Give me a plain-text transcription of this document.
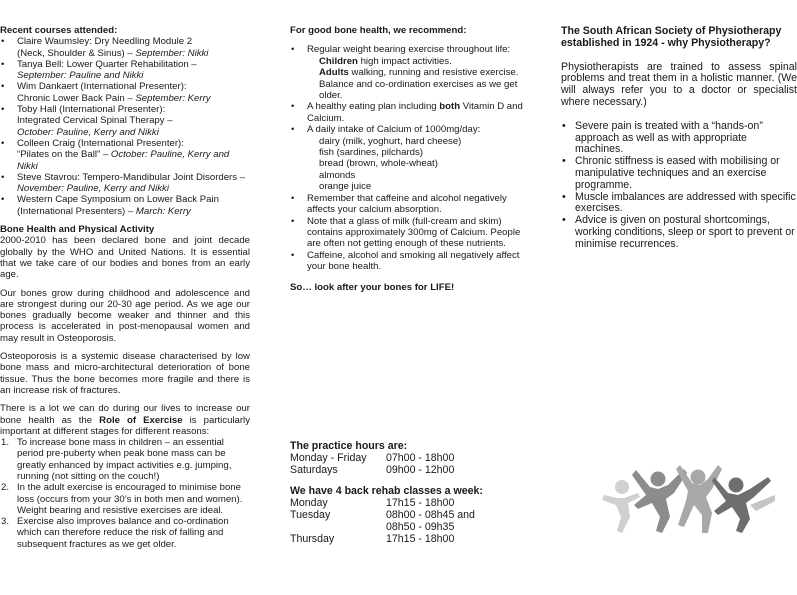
Recent courses attended:
• Claire Waumsley: Dry Needling Module 2
(Neck, Shoulder & Sinus) – September: Nikki
• Tanya Bell: Lower Quarter Rehabilitation –
September: Pauline and Nikki
• Wim Dankaert (International Presenter):
Chronic Lower Back Pain – September: Kerry
• Toby Hall (International Presenter):
Integrated Cervical Spinal Therapy –
October: Pauline, Kerry and Nikki
• Colleen Craig (International Presenter):
“Pilates on the Ball” – October: Pauline, Kerry and Nikki
• Steve Stavrou: Tempero-Mandibular Joint Disorders –
November: Pauline, Kerry and Nikki
• Western Cape Symposium on Lower Back Pain
(International Presenters) – March: Kerry
Bone Health and Physical Activity

2000-2010 has been declared bone and joint decade globally by the WHO and United Nations. It is essential that we take care of our bodies and bones from an early age.

Our bones grow during childhood and adolescence and are strongest during our 20-30 age period. As we age our bones gradually become weaker and thinner and this process is accelerated in post-menopausal women and may result in Osteoporosis.

Osteoporosis is a systemic disease characterised by low bone mass and micro-architectural deterioration of bone tissue. Thus the bone becomes more fragile and there is an increase risk of fractures.

There is a lot we can do during our lives to increase our bone health as the Role of Exercise is particularly important at different stages for different reasons:

1. To increase bone mass in children – an essential period pre-puberty when peak bone mass can be greatly enhanced by impact activities e.g. jumping, running (not sitting on the couch!)
2. In the adult exercise is encouraged to minimise bone loss (occurs from your 30’s in both men and women). Weight bearing and resistive exercises are ideal.
3. Exercise also improves balance and co-ordination which can therefore reduce the risk of falling and subsequent fractures as we get older.
For good bone health, we recommend:
• Regular weight bearing exercise throughout life:
Children high impact activities.
Adults walking, running and resistive exercise. Balance and co-ordination exercises as we get older.
• A healthy eating plan including both Vitamin D and Calcium.
• A daily intake of Calcium of 1000mg/day:
dairy (milk, yoghurt, hard cheese)
fish (sardines, pilchards)
bread (brown, whole-wheat)
almonds
orange juice
• Remember that caffeine and alcohol negatively affects your calcium absorption.
• Note that a glass of milk (full-cream and skim) contains approximately 300mg of Calcium. People are often not getting enough of these nutrients.
• Caffeine, alcohol and smoking all negatively affect your bone health.
So… look after your bones for LIFE!
The practice hours are:
Monday - Friday	07h00 - 18h00
Saturdays	09h00 - 12h00
We have 4 back rehab classes a week:
Monday	17h15 - 18h00
Tuesday	08h00 - 08h45 and
08h50 - 09h35
Thursday	17h15 - 18h00
The South African Society of Physiotherapy established in 1924 - why Physiotherapy?

Physiotherapists are trained to assess spinal problems and treat them in a holistic manner. (We will always refer you to a doctor or specialist where necessary.)

• Severe pain is treated with a “hands-on” approach as well as with appropriate machines.
• Chronic stiffness is eased with mobilising or manipulative techniques and an exercise programme.
• Muscle imbalances are addressed with specific exercises.
• Advice is given on postural shortcomings, working conditions, sleep or sport to prevent or minimise recurrences.
